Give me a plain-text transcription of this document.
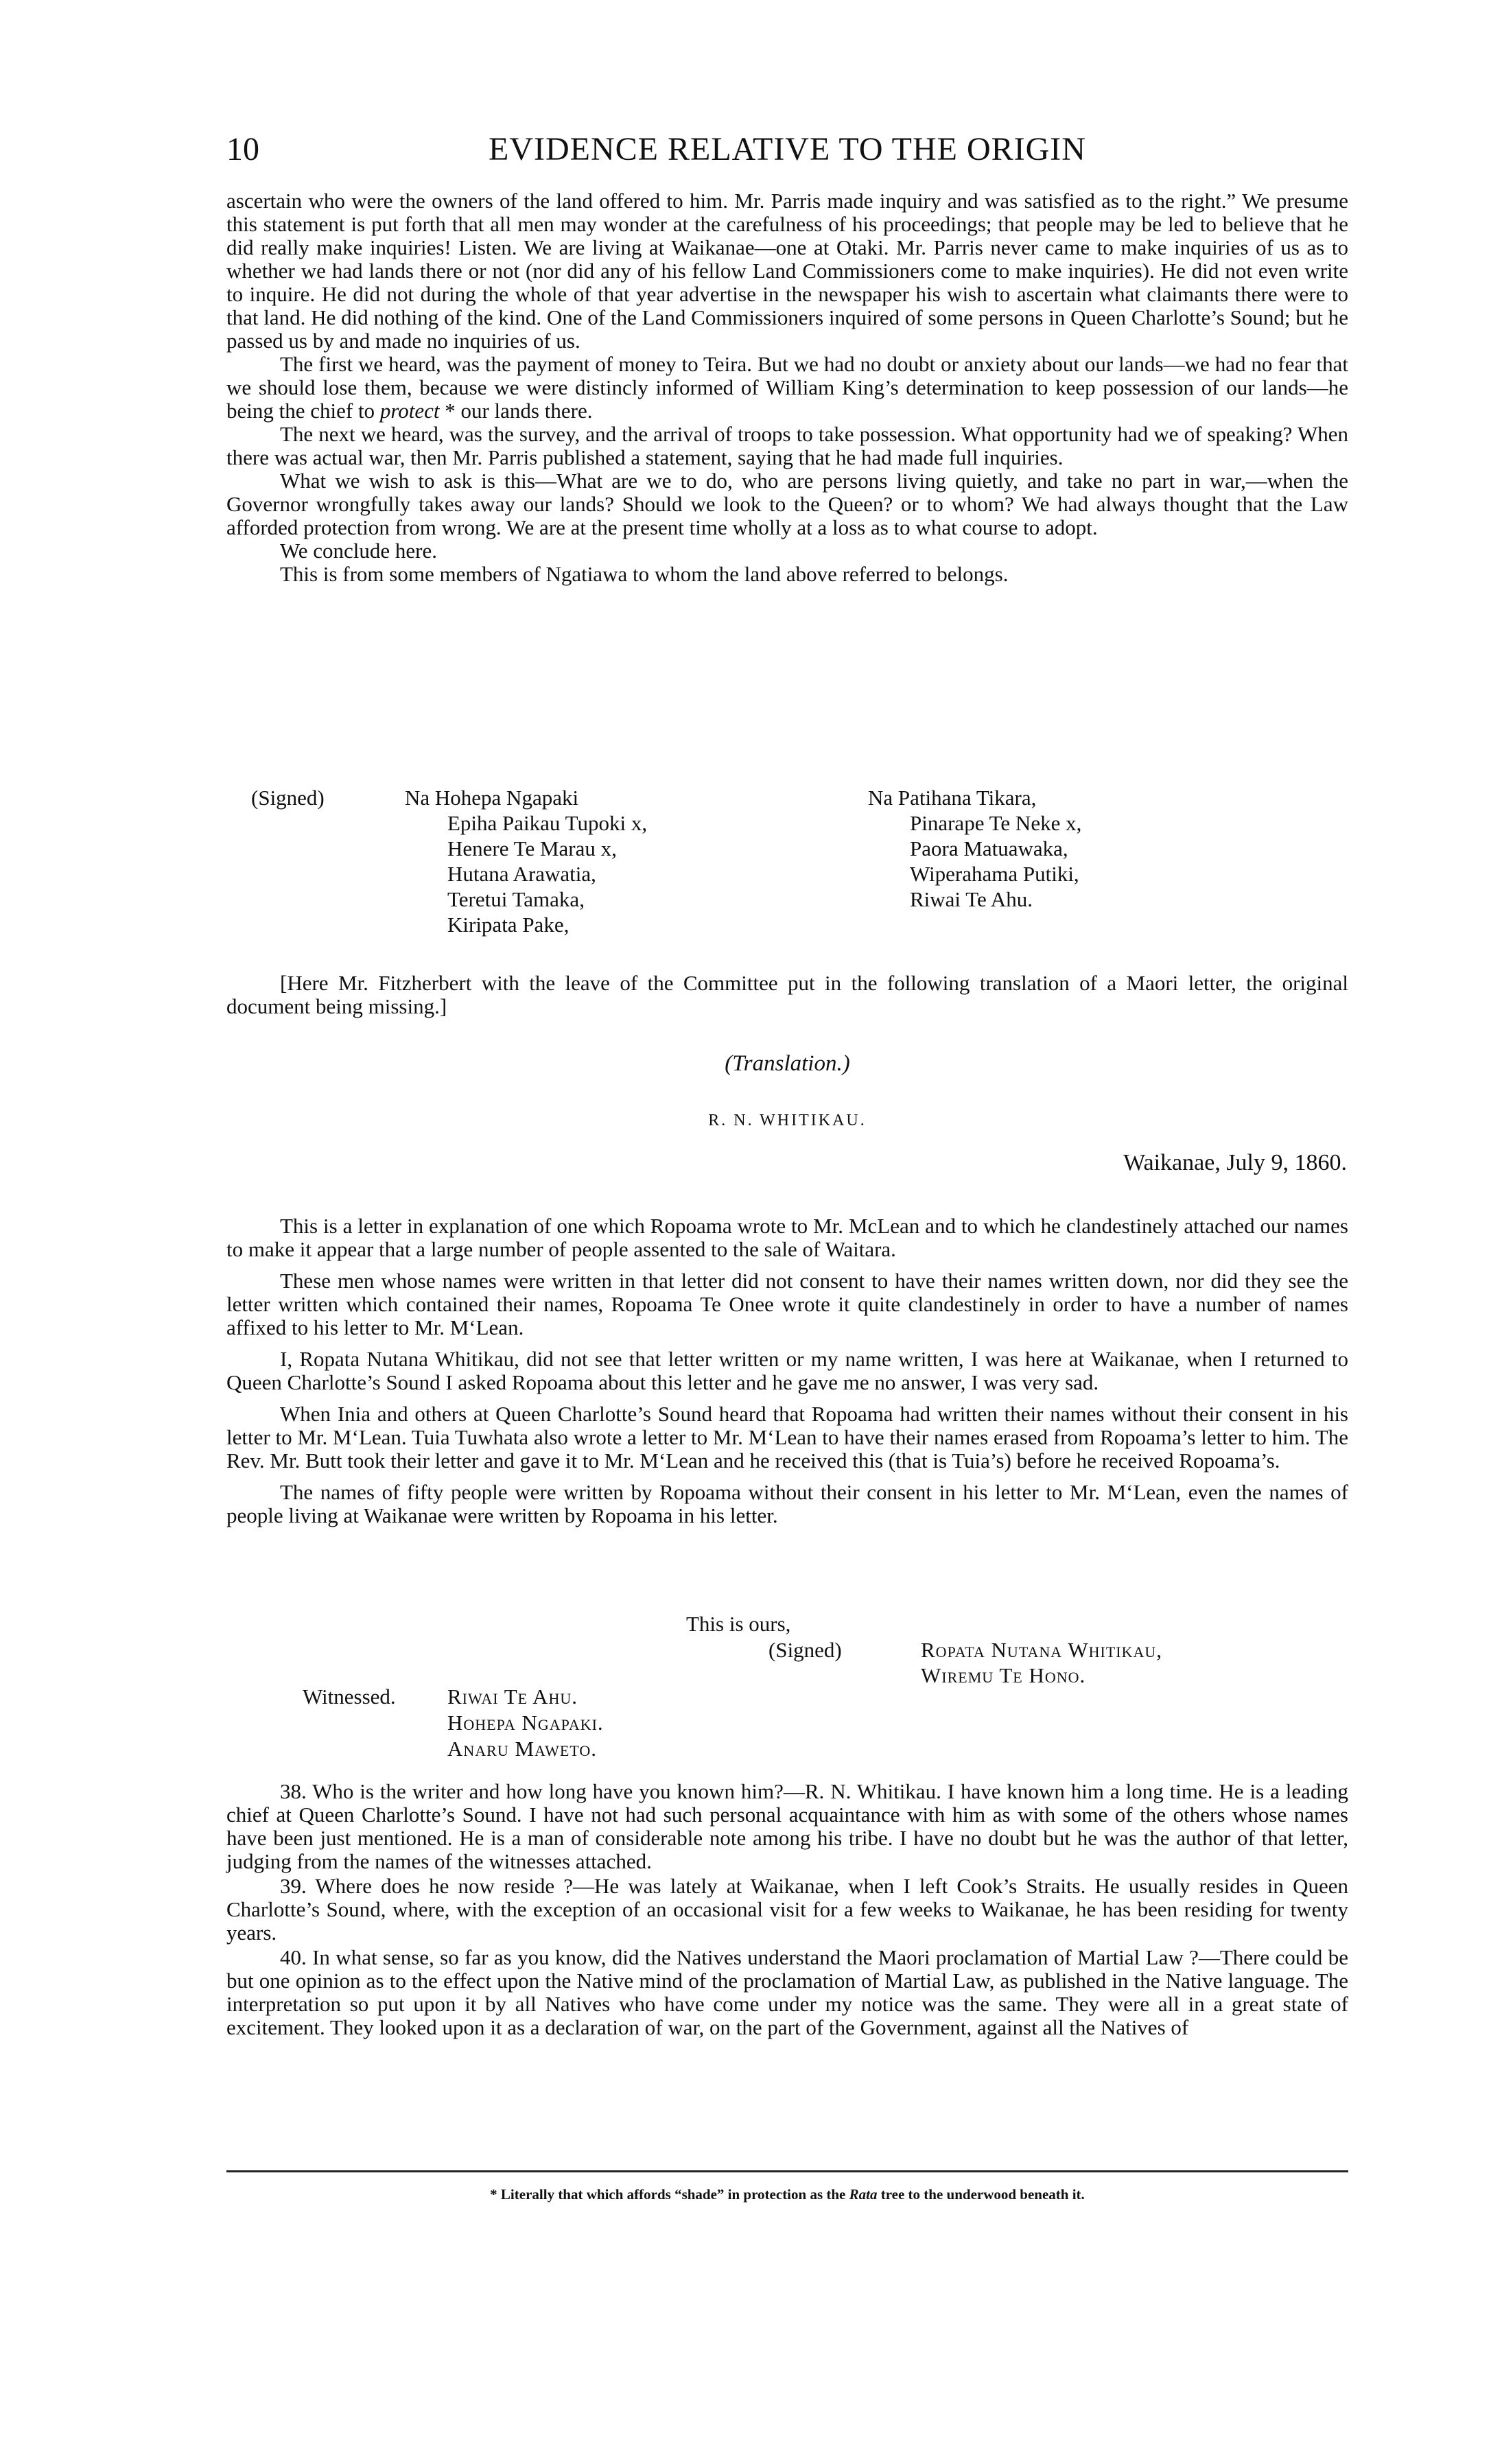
10	EVIDENCE RELATIVE TO THE ORIGIN

ascertain who were the owners of the land offered to him. Mr. Parris made inquiry and was satisfied as to the right.” We presume this statement is put forth that all men may wonder at the carefulness of his proceedings; that people may be led to believe that he did really make inquiries! Listen. We are living at Waikanae—one at Otaki. Mr. Parris never came to make inquiries of us as to whether we had lands there or not (nor did any of his fellow Land Commissioners come to make inquiries). He did not even write to inquire. He did not during the whole of that year advertise in the newspaper his wish to ascertain what claimants there were to that land. He did nothing of the kind. One of the Land Commissioners inquired of some persons in Queen Charlotte’s Sound; but he passed us by and made no inquiries of us.

The first we heard, was the payment of money to Teira. But we had no doubt or anxiety about our lands—we had no fear that we should lose them, because we were distincly informed of William King’s determination to keep possession of our lands—he being the chief to protect * our lands there.

The next we heard, was the survey, and the arrival of troops to take possession. What opportunity had we of speaking? When there was actual war, then Mr. Parris published a statement, saying that he had made full inquiries.

What we wish to ask is this—What are we to do, who are persons living quietly, and take no part in war,—when the Governor wrongfully takes away our lands? Should we look to the Queen? or to whom? We had always thought that the Law afforded protection from wrong. We are at the present time wholly at a loss as to what course to adopt.

We conclude here.

This is from some members of Ngatiawa to whom the land above referred to belongs.

(Signed)	Na Hohepa Ngapaki
Epiha Paikau Tupoki x,
Henere Te Marau x,
Hutana Arawatia,
Teretui Tamaka,
Kiripata Pake,
Na Patihana Tikara,
Pinarape Te Neke x,
Paora Matuawaka,
Wiperahama Putiki,
Riwai Te Ahu.

[Here Mr. Fitzherbert with the leave of the Committee put in the following translation of a Maori letter, the original document being missing.]

(Translation.)
R. N. WHITIKAU.
Waikanae, July 9, 1860.

This is a letter in explanation of one which Ropoama wrote to Mr. McLean and to which he clandestinely attached our names to make it appear that a large number of people assented to the sale of Waitara.

These men whose names were written in that letter did not consent to have their names written down, nor did they see the letter written which contained their names, Ropoama Te Onee wrote it quite clandestinely in order to have a number of names affixed to his letter to Mr. M‘Lean.

I, Ropata Nutana Whitikau, did not see that letter written or my name written, I was here at Waikanae, when I returned to Queen Charlotte’s Sound I asked Ropoama about this letter and he gave me no answer, I was very sad.

When Inia and others at Queen Charlotte’s Sound heard that Ropoama had written their names without their consent in his letter to Mr. M‘Lean. Tuia Tuwhata also wrote a letter to Mr. M‘Lean to have their names erased from Ropoama’s letter to him. The Rev. Mr. Butt took their letter and gave it to Mr. M‘Lean and he received this (that is Tuia’s) before he received Ropoama’s.

The names of fifty people were written by Ropoama without their consent in his letter to Mr. M‘Lean, even the names of people living at Waikanae were written by Ropoama in his letter.

This is ours,
(Signed)	Ropata Nutana Whitikau,
Wiremu Te Hono.
Witnessed. Riwai Te Ahu.
Hohepa Ngapaki.
Anaru Maweto.

38. Who is the writer and how long have you known him?—R. N. Whitikau. I have known him a long time. He is a leading chief at Queen Charlotte’s Sound. I have not had such personal acquaintance with him as with some of the others whose names have been just mentioned. He is a man of considerable note among his tribe. I have no doubt but he was the author of that letter, judging from the names of the witnesses attached.

39. Where does he now reside ?—He was lately at Waikanae, when I left Cook’s Straits. He usually resides in Queen Charlotte’s Sound, where, with the exception of an occasional visit for a few weeks to Waikanae, he has been residing for twenty years.

40. In what sense, so far as you know, did the Natives understand the Maori proclamation of Martial Law ?—There could be but one opinion as to the effect upon the Native mind of the proclamation of Martial Law, as published in the Native language. The interpretation so put upon it by all Natives who have come under my notice was the same. They were all in a great state of excitement. They looked upon it as a declaration of war, on the part of the Government, against all the Natives of

* Literally that which affords “shade” in protection as the Rata tree to the underwood beneath it.
